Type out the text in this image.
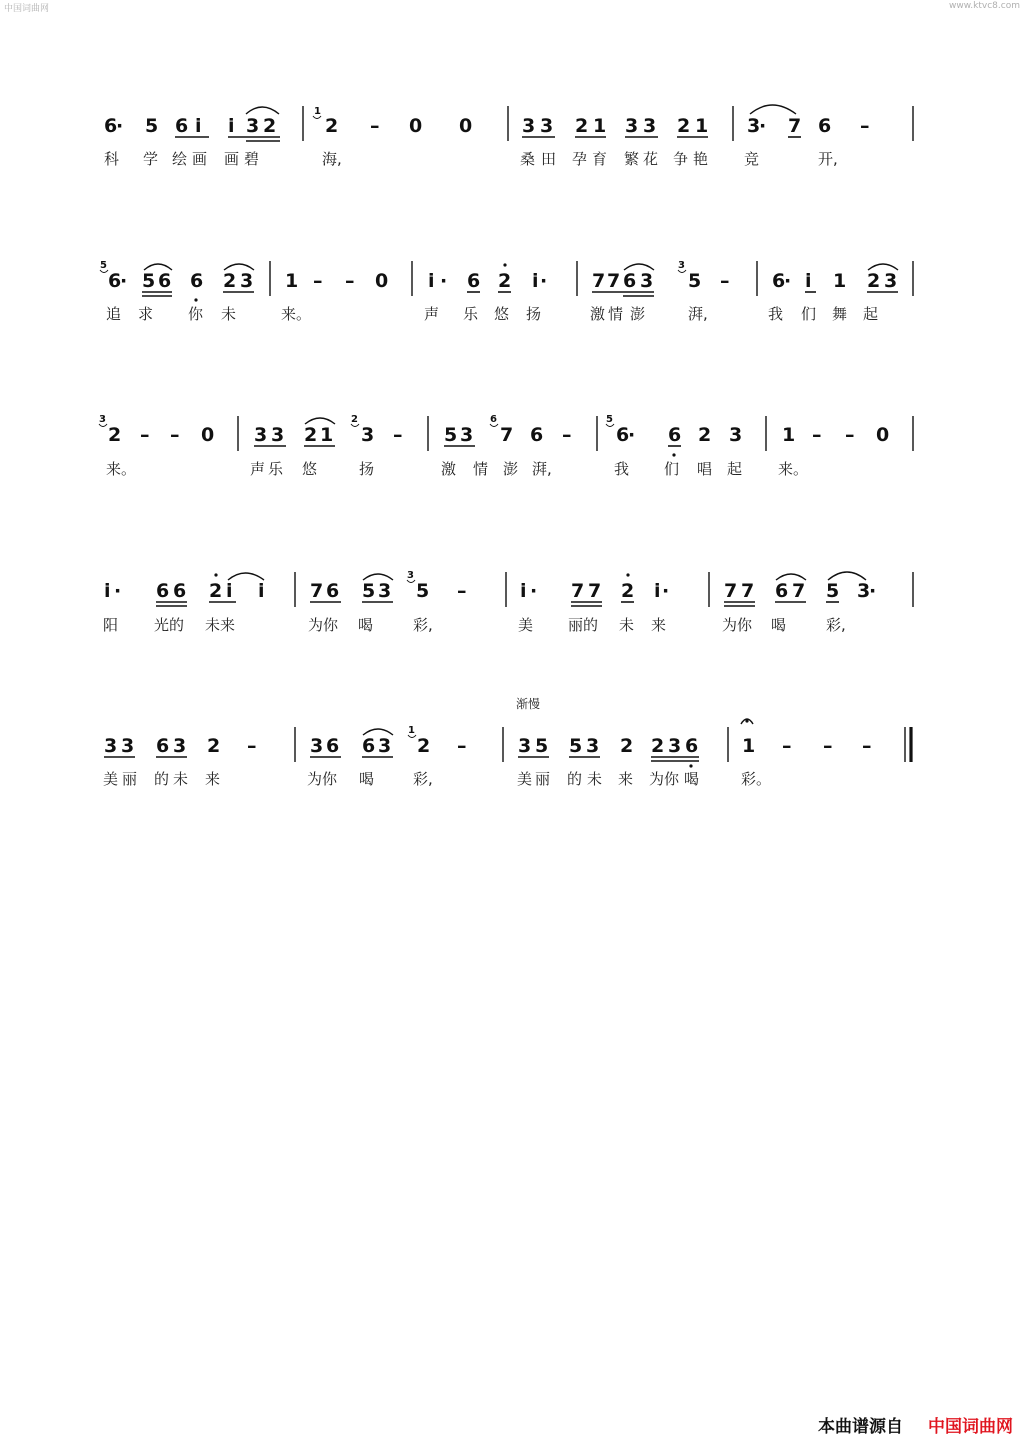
中国词曲网	www.ktvc8.com
6
· 5 6 i i 3 2
1
2 – 0 0	3 3 2 1 3 3 2 1 3
· 7 6 –
科 学 绘 画 画 碧	海,	桑 田 孕 育 繁 花 争 艳 竞	开,
5
6
· 5 6 6 2 3 1 – – 0 i · 6 2 i · 7 7 6 3
3
5 – 6
· i 1 2 3
追 求 你 未	来。	声 乐 悠 扬	激 情 澎	湃,	我 们 舞 起
3
2 – – 0 3 3 2 1
2
3 – 5 3
6
7 6 –
5
6
· 6 2 3 1 – – 0
来。	声 乐 悠	扬	激 情 澎 湃,	我 们 唱 起 来。
i · 6 6 2 i i 7 6 5 3
3
5 –	i · 7 7 2 i ·	7 7 6 7 5 3
·
阳 光的 未来	为你 喝	彩,	美 丽的 未 来	为你 喝	彩,
渐慢
3 3 6 3 2 –	3 6 6 3
1
2 –	3 5 5 3 2 2 3 6 1 – – –
美 丽 的 未 来	为你 喝	彩,	美 丽 的 未 来 为你 喝	彩。
本曲谱源自 中国词曲网
